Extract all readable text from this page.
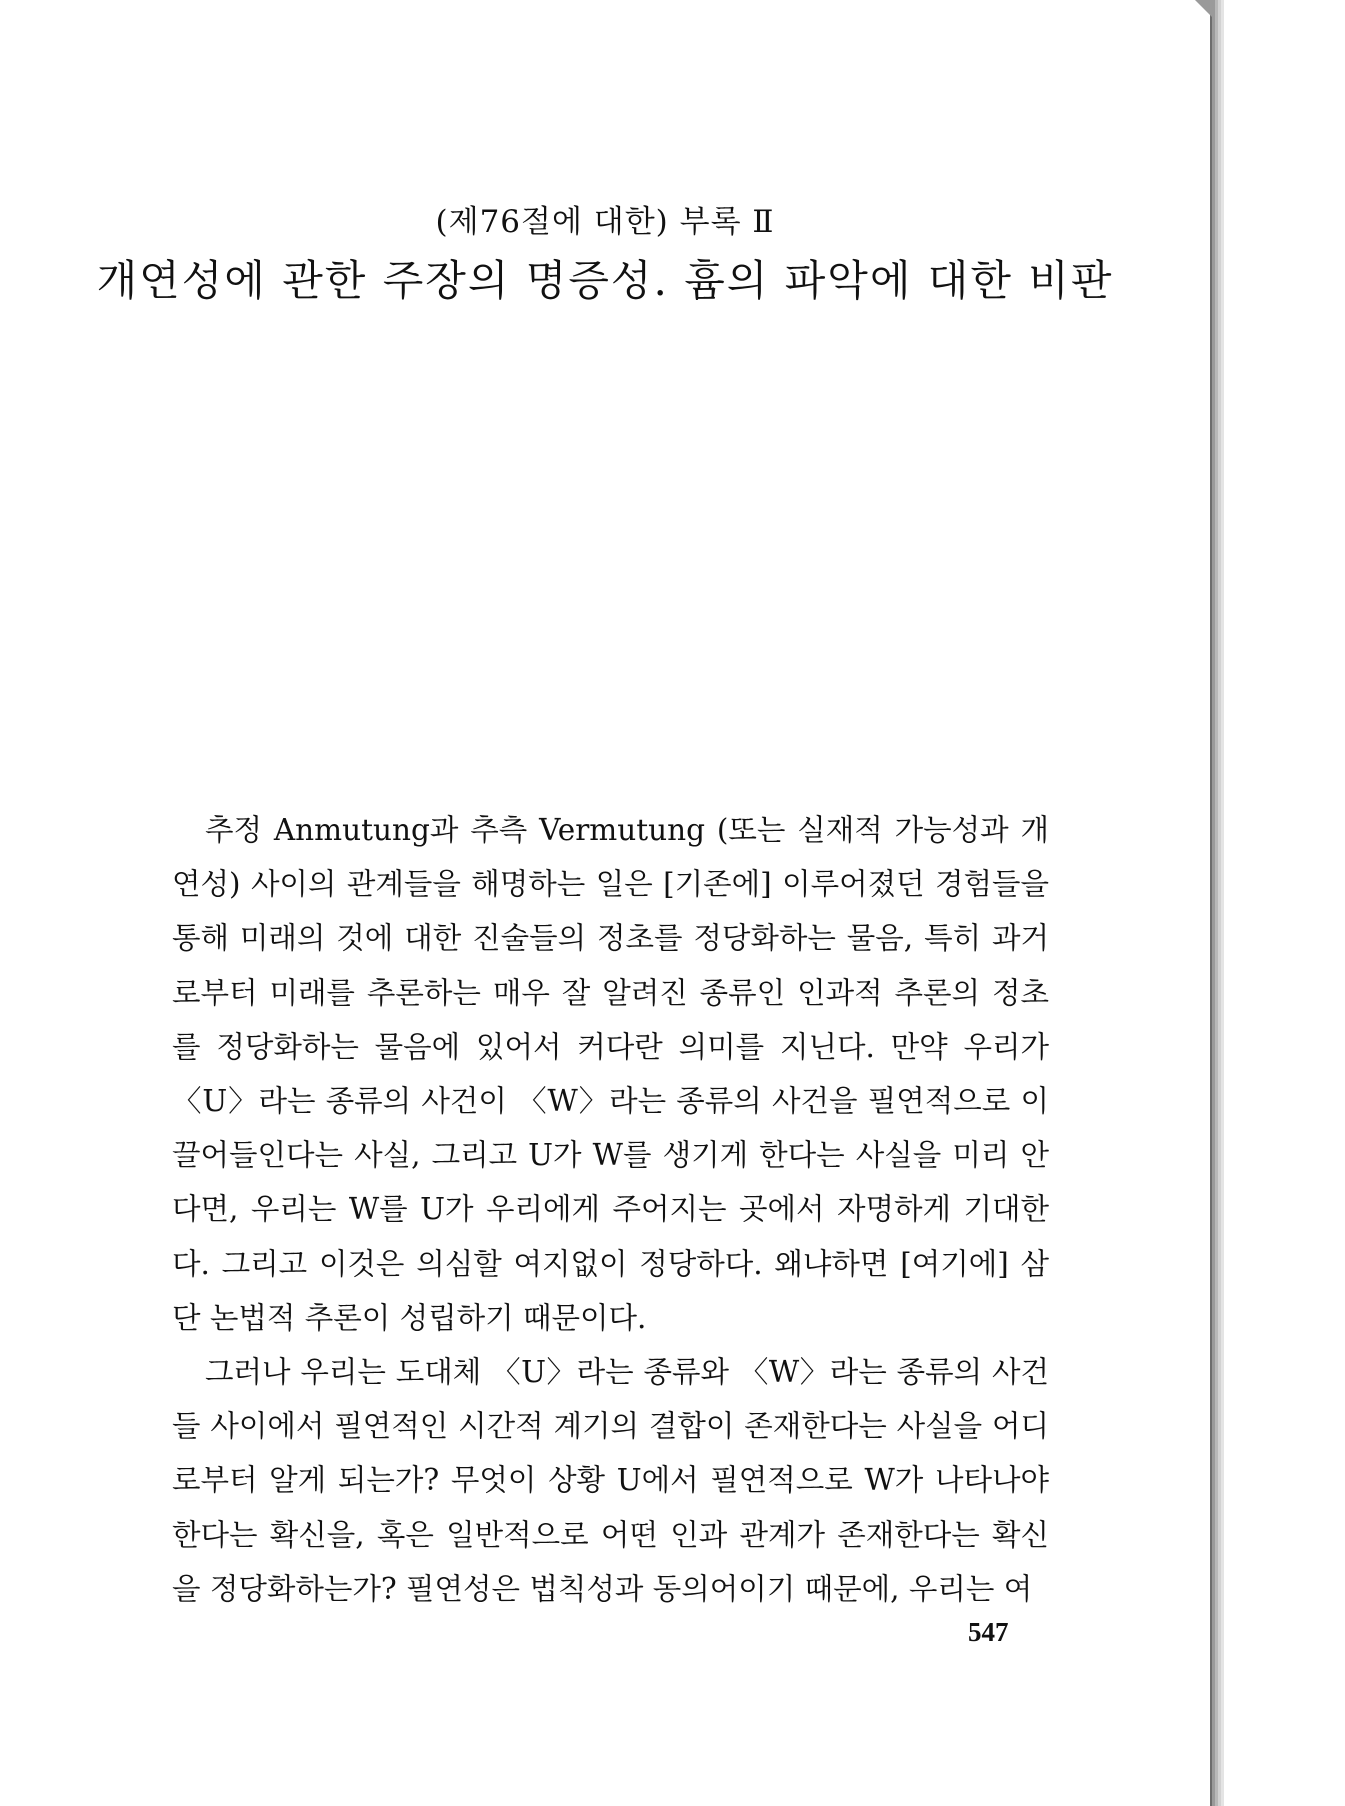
(제76절에 대한) 부록 Ⅱ
개연성에 관한 주장의 명증성. 흄의 파악에 대한 비판

추정 Anmutung과 추측 Vermutung (또는 실재적 가능성과 개연성) 사이의 관계들을 해명하는 일은 [기존에] 이루어졌던 경험들을 통해 미래의 것에 대한 진술들의 정초를 정당화하는 물음, 특히 과거로부터 미래를 추론하는 매우 잘 알려진 종류인 인과적 추론의 정초를 정당화하는 물음에 있어서 커다란 의미를 지닌다. 만약 우리가 〈U〉라는 종류의 사건이 〈W〉라는 종류의 사건을 필연적으로 이끌어들인다는 사실, 그리고 U가 W를 생기게 한다는 사실을 미리 안다면, 우리는 W를 U가 우리에게 주어지는 곳에서 자명하게 기대한다. 그리고 이것은 의심할 여지없이 정당하다. 왜냐하면 [여기에] 삼단 논법적 추론이 성립하기 때문이다.

그러나 우리는 도대체 〈U〉라는 종류와 〈W〉라는 종류의 사건들 사이에서 필연적인 시간적 계기의 결합이 존재한다는 사실을 어디로부터 알게 되는가? 무엇이 상황 U에서 필연적으로 W가 나타나야 한다는 확신을, 혹은 일반적으로 어떤 인과 관계가 존재한다는 확신을 정당화하는가? 필연성은 법칙성과 동의어이기 때문에, 우리는 여

547
